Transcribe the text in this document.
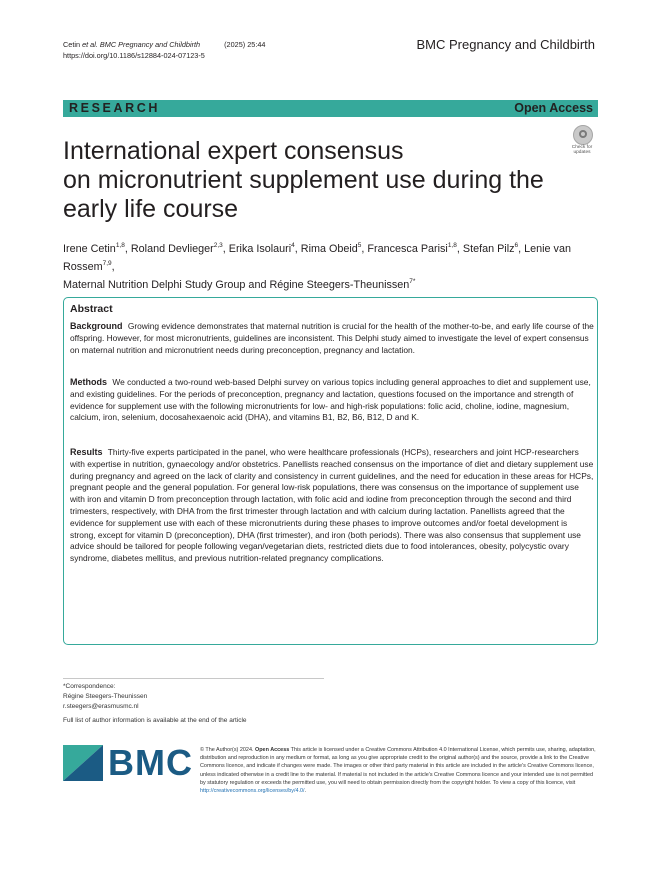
Cetin et al. BMC Pregnancy and Childbirth	(2025) 25:44
https://doi.org/10.1186/s12884-024-07123-5
BMC Pregnancy and Childbirth
RESEARCH	Open Access
Check for
updates
International expert consensus
on micronutrient supplement use during the
early life course
Irene Cetin$^{1,8}$, Roland Devlieger$^{2,3}$, Erika Isolauri$^4$, Rima Obeid$^5$, Francesca Parisi$^{1,8}$, Stefan Pilz$^6$, Lenie van Rossem$^{7,9}$,
Maternal Nutrition Delphi Study Group and Régine Steegers-Theunissen$^{7*}$
Abstract

Background Growing evidence demonstrates that maternal nutrition is crucial for the health of the mother-to-be, and early life course of the offspring. However, for most micronutrients, guidelines are inconsistent. This Delphi study aimed to investigate the level of expert consensus on maternal nutrition and micronutrient needs during preconception, pregnancy and lactation.

Methods We conducted a two-round web-based Delphi survey on various topics including general approaches to diet and supplement use, and existing guidelines. For the periods of preconception, pregnancy and lactation, questions focused on the importance and strength of evidence for supplement use with the following micronutrients for low- and high-risk populations: folic acid, choline, iodine, magnesium, calcium, iron, selenium, docosahexaenoic acid (DHA), and vitamins B1, B2, B6, B12, D and K.

Results Thirty-five experts participated in the panel, who were healthcare professionals (HCPs), researchers and joint HCP-researchers with expertise in nutrition, gynaecology and/or obstetrics. Panellists reached consensus on the importance of diet and dietary supplement use during pregnancy and agreed on the lack of clarity and consistency in current guidelines, and the need for education in these areas for HCPs, pregnant people and the general population. For general low-risk populations, there was consensus on the importance of supplement use with iron and vitamin D from preconception through lactation, with folic acid and iodine from preconception through the second and third trimesters, respectively, with DHA from the first trimester through lactation and with calcium during lactation. Panellists agreed that the evidence for supplement use with each of these micronutrients during these phases to improve outcomes and/or foetal development is strong, except for vitamin D (preconception), DHA (first trimester), and iron (both periods). There was also consensus that supplement use advice should be tailored for people following vegan/vegetarian diets, restricted diets due to food intolerances, obesity, polycystic ovary syndrome, diabetes mellitus, and previous nutrition-related pregnancy complications.

*Correspondence:
Régine Steegers-Theunissen
r.steegers@erasmusmc.nl
Full list of author information is available at the end of the article
BMC © The Author(s) 2024. Open Access This article is licensed under a Creative Commons Attribution 4.0 International License, which permits use, sharing, adaptation, distribution and reproduction in any medium or format, as long as you give appropriate credit to the original author(s) and the source, provide a link to the Creative Commons licence, and indicate if changes were made. The images or other third party material in this article are included in the article's Creative Commons licence, unless indicated otherwise in a credit line to the material. If material is not included in the article's Creative Commons licence and your intended use is not permitted by statutory regulation or exceeds the permitted use, you will need to obtain permission directly from the copyright holder. To view a copy of this licence, visit http://creativecommons.org/licenses/by/4.0/.
